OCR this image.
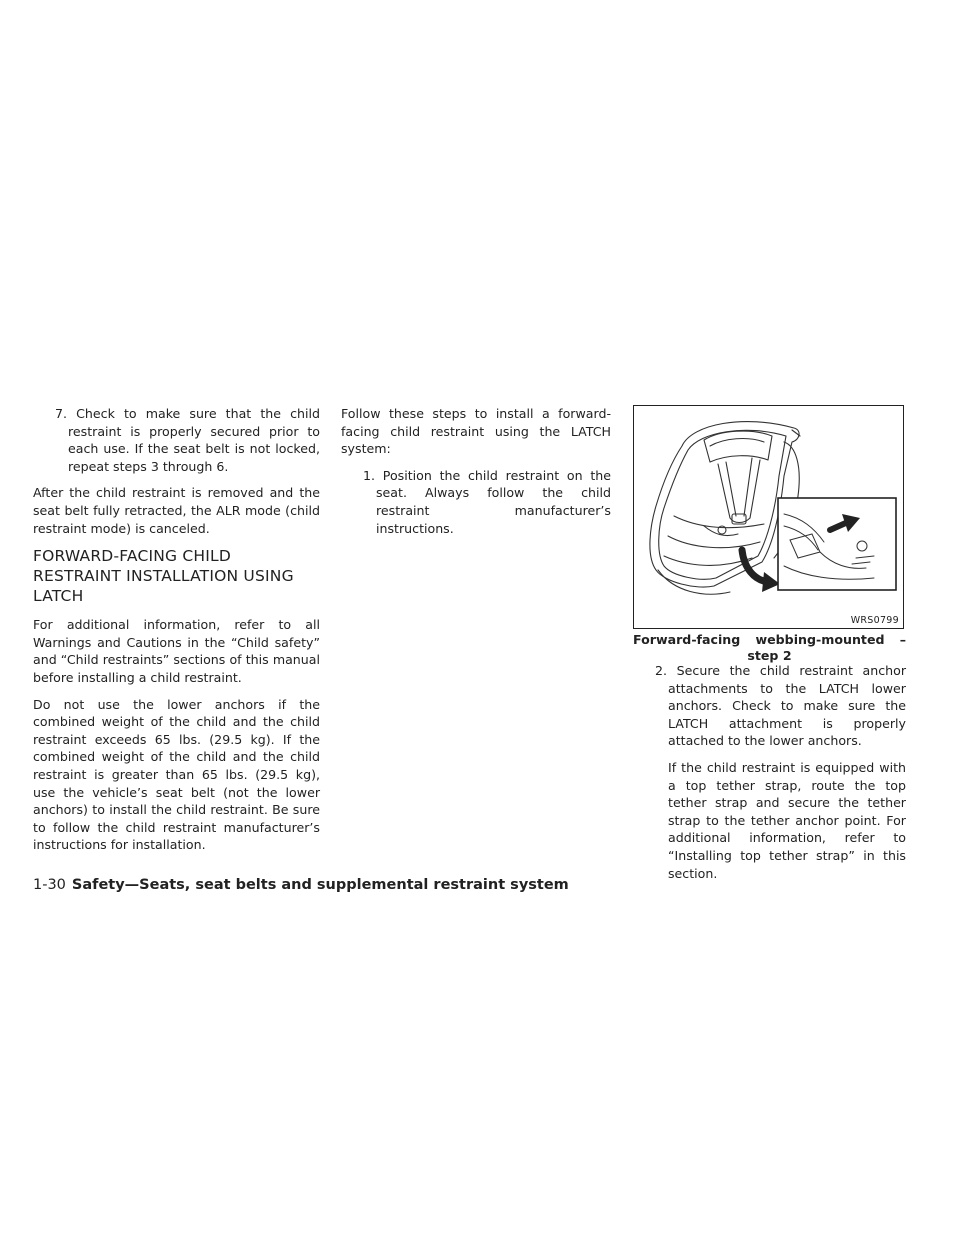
7. Check to make sure that the child restraint is properly secured prior to each use. If the seat belt is not locked, repeat steps 3 through 6.

After the child restraint is removed and the seat belt fully retracted, the ALR mode (child restraint mode) is canceled.

FORWARD-FACING CHILD RESTRAINT INSTALLATION USING LATCH

For additional information, refer to all Warnings and Cautions in the “Child safety” and “Child restraints” sections of this manual before installing a child restraint.

Do not use the lower anchors if the combined weight of the child and the child restraint exceeds 65 lbs. (29.5 kg). If the combined weight of the child and the child restraint is greater than 65 lbs. (29.5 kg), use the vehicle’s seat belt (not the lower anchors) to install the child restraint. Be sure to follow the child restraint manufacturer’s instructions for installation.

Follow these steps to install a forward-facing child restraint using the LATCH system:

1. Position the child restraint on the seat. Always follow the child restraint manufacturer’s instructions.
WRS0799
Forward-facing webbing-mounted –
step 2
2. Secure the child restraint anchor attachments to the LATCH lower anchors. Check to make sure the LATCH attachment is properly attached to the lower anchors.

If the child restraint is equipped with a top tether strap, route the top tether strap and secure the tether strap to the tether anchor point. For additional information, refer to “Installing top tether strap” in this section.

1-30 Safety—Seats, seat belts and supplemental restraint system
